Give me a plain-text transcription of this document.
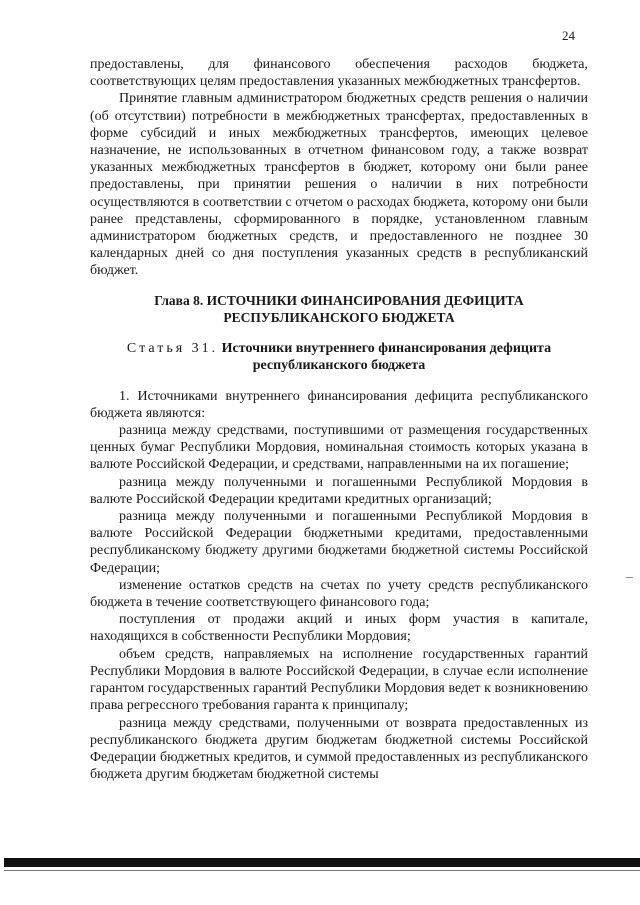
24

предоставлены, для финансового обеспечения расходов бюджета, соответствующих целям предоставления указанных межбюджетных трансфертов.

Принятие главным администратором бюджетных средств решения о наличии (об отсутствии) потребности в межбюджетных трансфертах, предоставленных в форме субсидий и иных межбюджетных трансфертов, имеющих целевое назначение, не использованных в отчетном финансовом году, а также возврат указанных межбюджетных трансфертов в бюджет, которому они были ранее предоставлены, при принятии решения о наличии в них потребности осуществляются в соответствии с отчетом о расходах бюджета, которому они были ранее представлены, сформированного в порядке, установленном главным администратором бюджетных средств, и предоставленного не позднее 30 календарных дней со дня поступления указанных средств в республиканский бюджет.

Глава 8. ИСТОЧНИКИ ФИНАНСИРОВАНИЯ ДЕФИЦИТА
РЕСПУБЛИКАНСКОГО БЮДЖЕТА
Статья 31. Источники внутреннего финансирования дефицита
республиканского бюджета

1. Источниками внутреннего финансирования дефицита республиканского бюджета являются:

разница между средствами, поступившими от размещения государственных ценных бумаг Республики Мордовия, номинальная стоимость которых указана в валюте Российской Федерации, и средствами, направленными на их погашение;

разница между полученными и погашенными Республикой Мордовия в валюте Российской Федерации кредитами кредитных организаций;

разница между полученными и погашенными Республикой Мордовия в валюте Российской Федерации бюджетными кредитами, предоставленными республиканскому бюджету другими бюджетами бюджетной системы Российской Федерации;

изменение остатков средств на счетах по учету средств республиканского бюджета в течение соответствующего финансового года;

поступления от продажи акций и иных форм участия в капитале, находящихся в собственности Республики Мордовия;

объем средств, направляемых на исполнение государственных гарантий Республики Мордовия в валюте Российской Федерации, в случае если исполнение гарантом государственных гарантий Республики Мордовия ведет к возникновению права регрессного требования гаранта к принципалу;

разница между средствами, полученными от возврата предоставленных из республиканского бюджета другим бюджетам бюджетной системы Российской Федерации бюджетных кредитов, и суммой предоставленных из республиканского бюджета другим бюджетам бюджетной системы
